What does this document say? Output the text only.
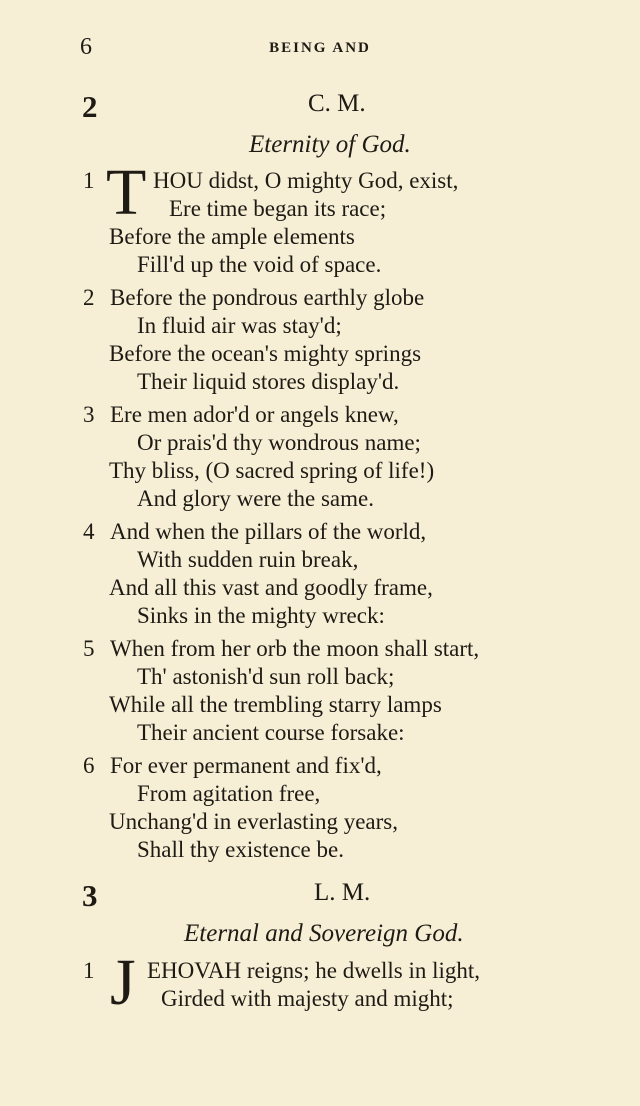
6	BEING AND
2	C. M.
Eternity of God.
1 T HOU didst, O mighty God, exist,
Ere time began its race;
Before the ample elements
Fill'd up the void of space.
2 Before the pondrous earthly globe
In fluid air was stay'd;
Before the ocean's mighty springs
Their liquid stores display'd.
3 Ere men ador'd or angels knew,
Or prais'd thy wondrous name;
Thy bliss, (O sacred spring of life!)
And glory were the same.
4 And when the pillars of the world,
With sudden ruin break,
And all this vast and goodly frame,
Sinks in the mighty wreck:
5 When from her orb the moon shall start,
Th' astonish'd sun roll back;
While all the trembling starry lamps
Their ancient course forsake:
6 For ever permanent and fix'd,
From agitation free,
Unchang'd in everlasting years,
Shall thy existence be.
3	L. M.
Eternal and Sovereign God.
1 J EHOVAH reigns; he dwells in light,
Girded with majesty and might;
